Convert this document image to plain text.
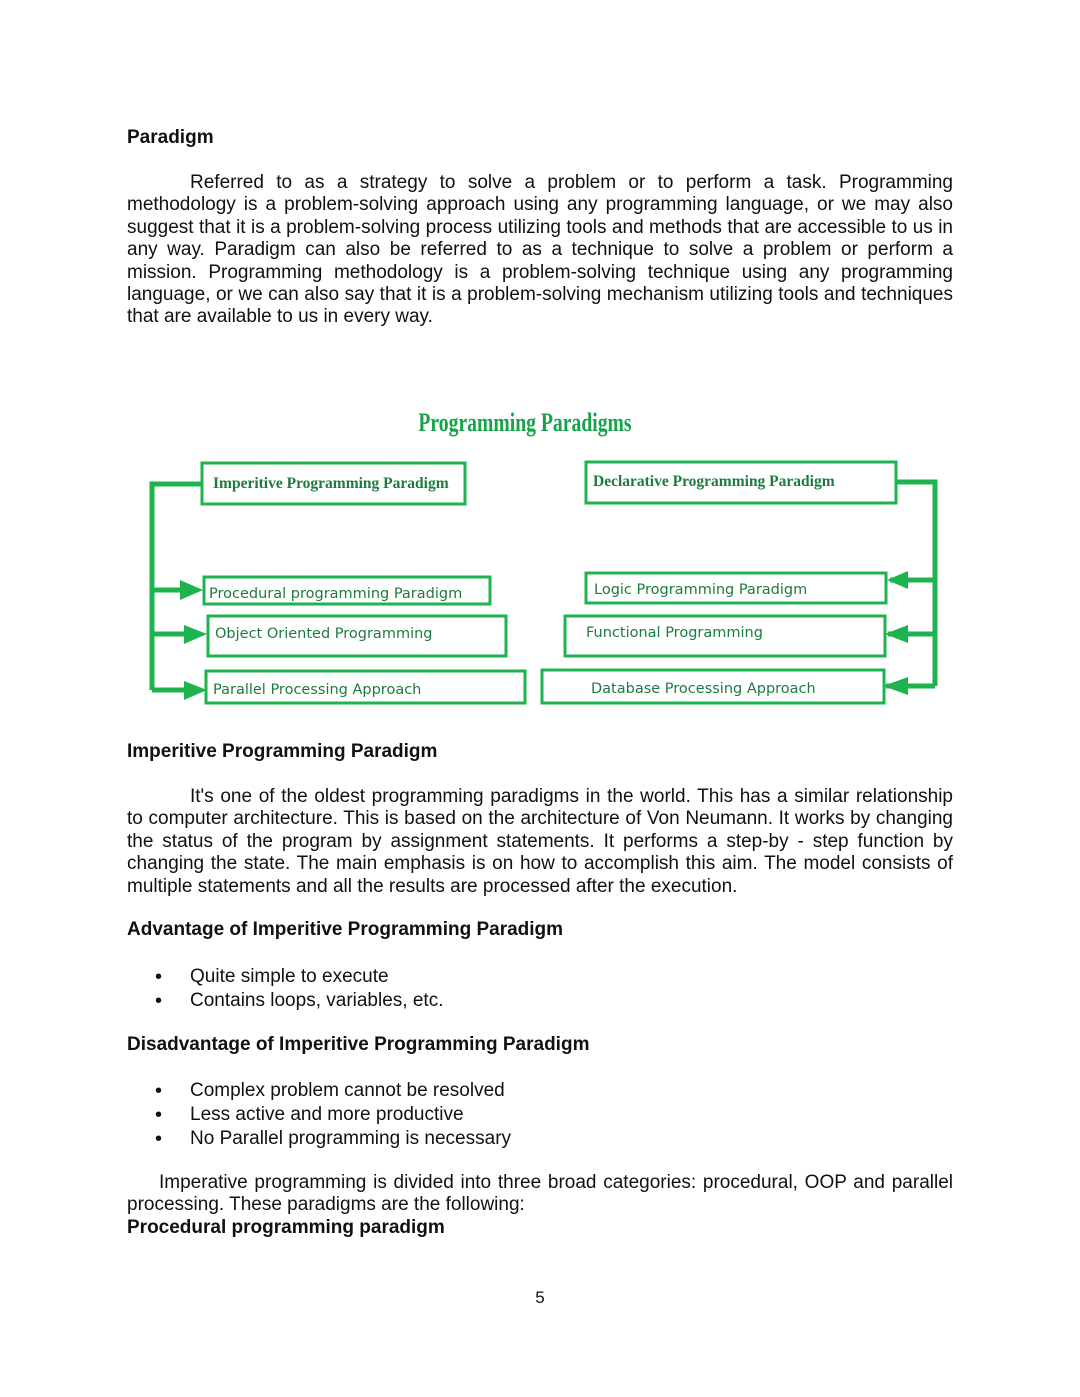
Paradigm

Referred to as a strategy to solve a problem or to perform a task. Programming methodology is a problem-solving approach using any programming language, or we may also suggest that it is a problem-solving process utilizing tools and methods that are accessible to us in any way. Paradigm can also be referred to as a technique to solve a problem or perform a mission. Programming methodology is a problem-solving technique using any programming language, or we can also say that it is a problem-solving mechanism utilizing tools and techniques that are available to us in every way.

Programming Paradigms
Imperitive Programming Paradigm	Declarative Programming Paradigm
Procedural programming Paradigm
Object Oriented Programming
Parallel Processing Approach
Logic Programming Paradigm
Functional Programming
Database Processing Approach
Imperitive Programming Paradigm

It's one of the oldest programming paradigms in the world. This has a similar relationship to computer architecture. This is based on the architecture of Von Neumann. It works by changing the status of the program by assignment statements. It performs a step-by - step function by changing the state. The main emphasis is on how to accomplish this aim. The model consists of multiple statements and all the results are processed after the execution.

Advantage of Imperitive Programming Paradigm
• Quite simple to execute
• Contains loops, variables, etc.
Disadvantage of Imperitive Programming Paradigm
• Complex problem cannot be resolved
• Less active and more productive
• No Parallel programming is necessary

Imperative programming is divided into three broad categories: procedural, OOP and parallel processing. These paradigms are the following:

Procedural programming paradigm
5
